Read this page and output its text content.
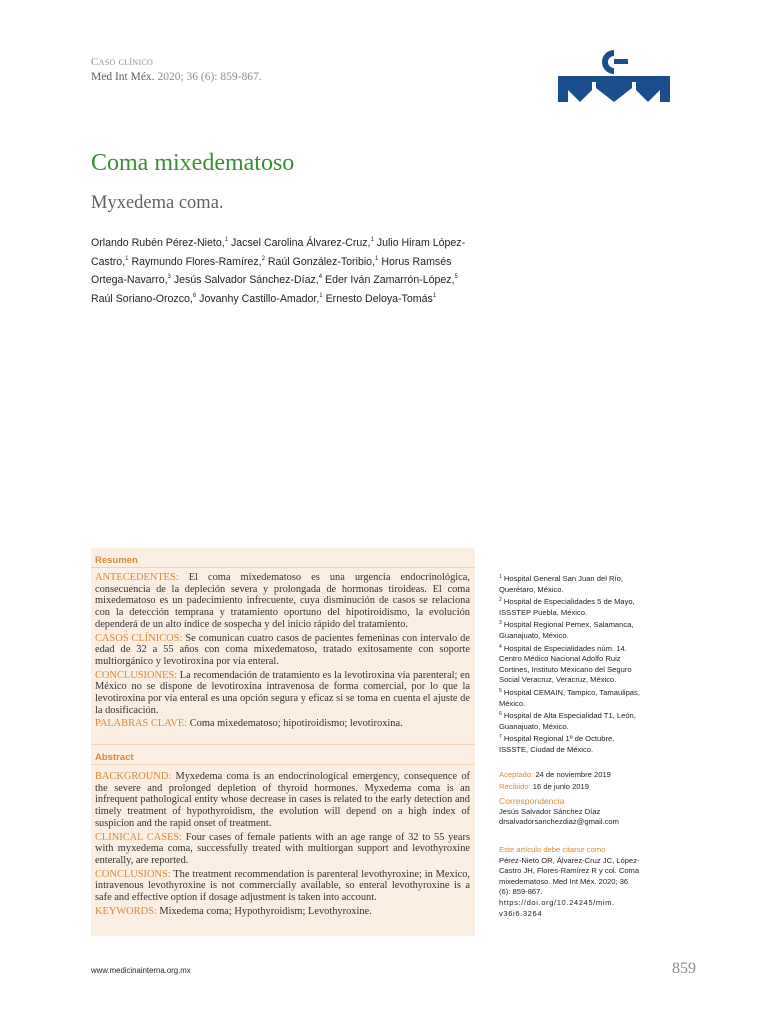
Caso clínico
Med Int Méx. 2020; 36 (6): 859-867.
Coma mixedematoso
Myxedema coma.
Orlando Rubén Pérez-Nieto,$^1$ Jacsel Carolina Álvarez-Cruz,$^1$ Julio Hiram López-Castro,$^1$ Raymundo Flores-Ramírez,$^2$ Raúl González-Toribio,$^1$ Horus Ramsés Ortega-Navarro,$^3$ Jesús Salvador Sánchez-Díaz,$^4$ Eder Iván Zamarrón-López,$^5$ Raúl Soriano-Orozco,$^6$ Jovanhy Castillo-Amador,$^1$ Ernesto Deloya-Tomás$^1$
Resumen

ANTECEDENTES: El coma mixedematoso es una urgencia endocrinológica, consecuencia de la depleción severa y prolongada de hormonas tiroideas. El coma mixedematoso es un padecimiento infrecuente, cuya disminución de casos se relaciona con la detección temprana y tratamiento oportuno del hipotiroidismo, la evolución dependerá de un alto índice de sospecha y del inicio rápido del tratamiento.

CASOS CLÍNICOS: Se comunican cuatro casos de pacientes femeninas con intervalo de edad de 32 a 55 años con coma mixedematoso, tratado exitosamente con soporte multiorgánico y levotiroxina por vía enteral.

CONCLUSIONES: La recomendación de tratamiento es la levotiroxina vía parenteral; en México no se dispone de levotiroxina intravenosa de forma comercial, por lo que la levotiroxina por vía enteral es una opción segura y eficaz si se toma en cuenta el ajuste de la dosificación.

PALABRAS CLAVE: Coma mixedematoso; hipotiroidismo; levotiroxina.

Abstract

BACKGROUND: Myxedema coma is an endocrinological emergency, consequence of the severe and prolonged depletion of thyroid hormones. Myxedema coma is an infrequent pathological entity whose decrease in cases is related to the early detection and timely treatment of hypothyroidism, the evolution will depend on a high index of suspicion and the rapid onset of treatment.

CLINICAL CASES: Four cases of female patients with an age range of 32 to 55 years with myxedema coma, successfully treated with multiorgan support and levothyroxine enterally, are reported.

CONCLUSIONS: The treatment recommendation is parenteral levothyroxine; in Mexico, intravenous levothyroxine is not commercially available, so enteral levothyroxine is a safe and effective option if dosage adjustment is taken into account.

KEYWORDS: Mixedema coma; Hypothyroidism; Levothyroxine.

$^1$ Hospital General San Juan del Río, Querétaro, México.

$^2$ Hospital de Especialidades 5 de Mayo, ISSSTEP Puebla, México.

$^3$ Hospital Regional Pemex, Salamanca, Guanajuato, México.

$^4$ Hospital de Especialidades núm. 14. Centro Médico Nacional Adolfo Ruiz Cortines, Instituto Mexicano del Seguro Social Veracruz, Veracruz, México.

$^5$ Hospital CEMAIN, Tampico, Tamaulipas, México.

$^6$ Hospital de Alta Especialidad T1, León, Guanajuato, México.

$^7$ Hospital Regional 1º de Octubre, ISSSTE, Ciudad de México.

Recibido: 16 de junio 2019
Aceptado: 24 de noviembre 2019
Correspondencia
Jesús Salvador Sánchez Díaz
drsalvadorsanchezdiaz@gmail.com
Este artículo debe citarse como
Pérez-Nieto OR, Álvarez-Cruz JC, López-Castro JH, Flores-Ramírez R y col. Coma mixedematoso. Med Int Méx. 2020; 36 (6): 859-867.
https://doi.org/10.24245/mim. v36i6.3264
www.medicinainterna.org.mx	859
